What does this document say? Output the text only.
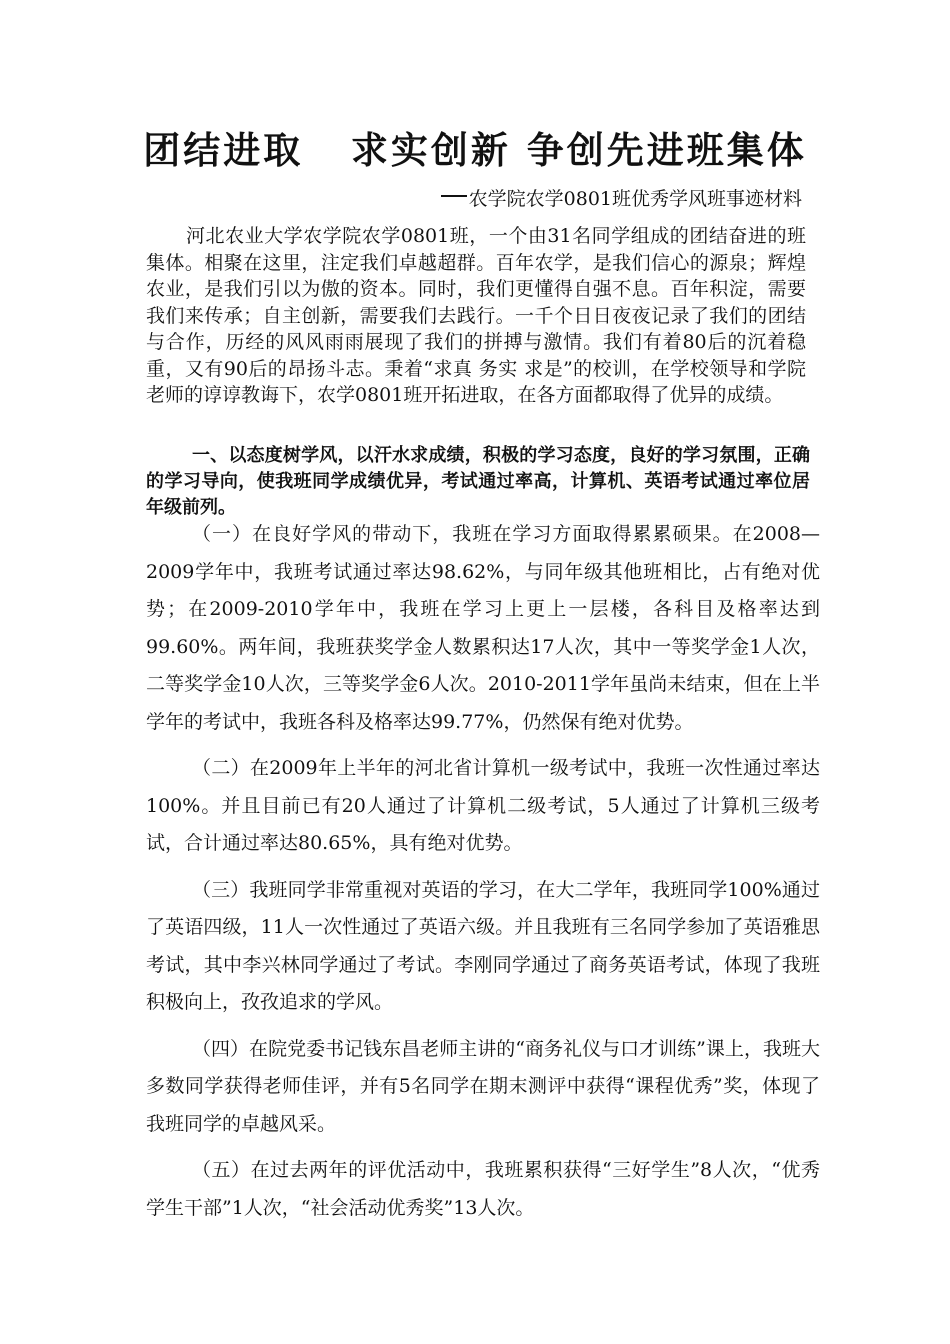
团结进取   求实创新 争创先进班集体
农学院农学0801班优秀学风班事迹材料

河北农业大学农学院农学0801班，一个由31名同学组成的团结奋进的班集体。相聚在这里，注定我们卓越超群。百年农学，是我们信心的源泉；辉煌农业，是我们引以为傲的资本。同时，我们更懂得自强不息。百年积淀，需要我们来传承；自主创新，需要我们去践行。一千个日日夜夜记录了我们的团结与合作，历经的风风雨雨展现了我们的拼搏与激情。我们有着80后的沉着稳重，又有90后的昂扬斗志。秉着“求真 务实 求是”的校训，在学校领导和学院老师的谆谆教诲下，农学0801班开拓进取，在各方面都取得了优异的成绩。

一、以态度树学风，以汗水求成绩，积极的学习态度，良好的学习氛围，正确的学习导向，使我班同学成绩优异，考试通过率高，计算机、英语考试通过率位居年级前列。

（一）在良好学风的带动下，我班在学习方面取得累累硕果。在2008—2009学年中，我班考试通过率达98.62%，与同年级其他班相比，占有绝对优势；在2009-2010学年中，我班在学习上更上一层楼，各科目及格率达到99.60%。两年间，我班获奖学金人数累积达17人次，其中一等奖学金1人次，二等奖学金10人次，三等奖学金6人次。2010-2011学年虽尚未结束，但在上半学年的考试中，我班各科及格率达99.77%，仍然保有绝对优势。

（二）在2009年上半年的河北省计算机一级考试中，我班一次性通过率达100%。并且目前已有20人通过了计算机二级考试，5人通过了计算机三级考试，合计通过率达80.65%，具有绝对优势。

（三）我班同学非常重视对英语的学习，在大二学年，我班同学100%通过了英语四级，11人一次性通过了英语六级。并且我班有三名同学参加了英语雅思考试，其中李兴林同学通过了考试。李刚同学通过了商务英语考试，体现了我班积极向上，孜孜追求的学风。

（四）在院党委书记钱东昌老师主讲的“商务礼仪与口才训练”课上，我班大多数同学获得老师佳评，并有5名同学在期末测评中获得“课程优秀”奖，体现了我班同学的卓越风采。

（五）在过去两年的评优活动中，我班累积获得“三好学生”8人次，“优秀学生干部”1人次，“社会活动优秀奖”13人次。
